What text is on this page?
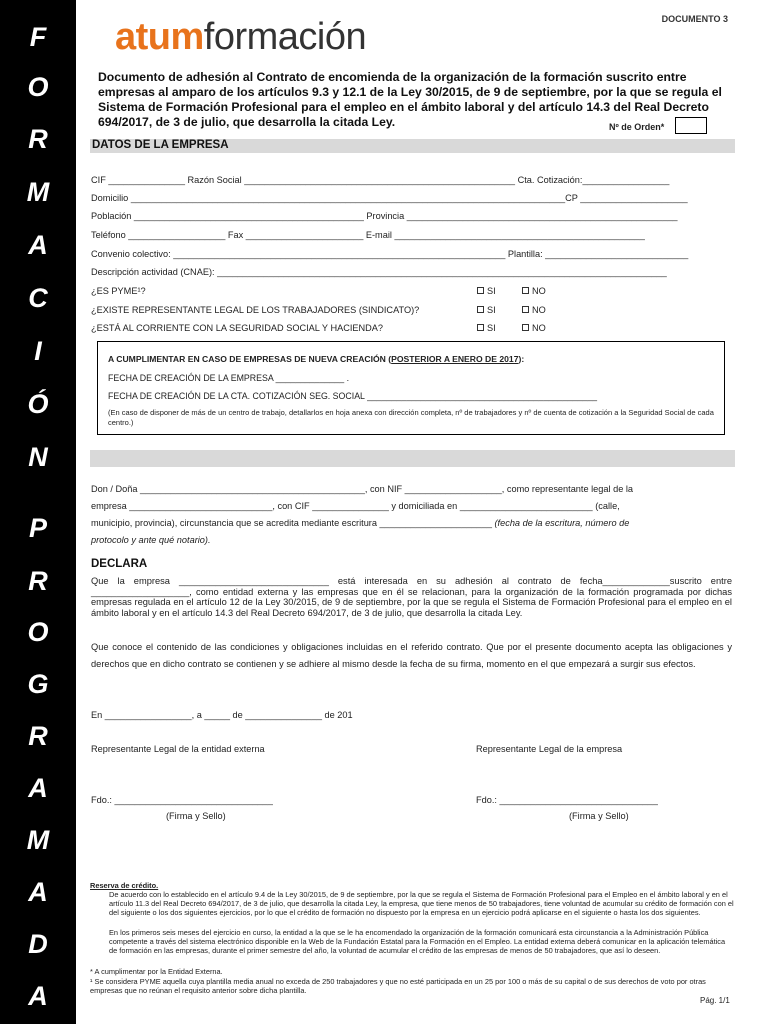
F
O
R
M
A
C
I
Ó
N
P
R
O
G
R
A
M
A
D
A
DOCUMENTO 3
atumformación
Documento de adhesión al Contrato de encomienda de la organización de la formación suscrito entre empresas al amparo de los artículos 9.3 y 12.1 de la Ley 30/2015, de 9 de septiembre, por la que se regula el Sistema de Formación Profesional para el empleo en el ámbito laboral y del artículo 14.3 del Real Decreto 694/2017, de 3 de julio, que desarrolla la citada Ley.	Nº de Orden*
DATOS DE LA EMPRESA
CIF _______________ Razón Social _____________________________________________________ Cta. Cotización:_________________
Domicilio _____________________________________________________________________________________CP _____________________
Población _____________________________________________ Provincia _____________________________________________________
Teléfono ___________________ Fax _______________________ E-mail _________________________________________________
Convenio colectivo: _________________________________________________________________ Plantilla: ____________________________
Descripción actividad (CNAE): ________________________________________________________________________________________
¿ES PYME¹?	SI	NO
¿EXISTE REPRESENTANTE LEGAL DE LOS TRABAJADORES (SINDICATO)?	SI	NO
¿ESTÁ AL CORRIENTE CON LA SEGURIDAD SOCIAL Y HACIENDA?	SI	NO
A CUMPLIMENTAR EN CASO DE EMPRESAS DE NUEVA CREACIÓN (POSTERIOR A ENERO DE 2017):
FECHA DE CREACIÓN DE LA EMPRESA ______________ .
FECHA DE CREACIÓN DE LA CTA. COTIZACIÓN SEG. SOCIAL _______________________________________________
(En caso de disponer de más de un centro de trabajo, detallarlos en hoja anexa con dirección completa, nº de trabajadores y nº de cuenta de cotización a la Seguridad Social de cada centro.)
Don / Doña ____________________________________________, con NIF ___________________, como representante legal de la
empresa ____________________________, con CIF _______________ y domiciliada en __________________________ (calle,
municipio, provincia), circunstancia que se acredita mediante escritura ______________________ (fecha de la escritura, número de
protocolo y ante qué notario).
DECLARA
Que la empresa _____________________________ está interesada en su adhesión al contrato de fecha_____________suscrito entre ___________________, como entidad externa y las empresas que en él se relacionan, para la organización de la formación programada por dichas empresas regulada en el artículo 12 de la Ley 30/2015, de 9 de septiembre, por la que se regula el Sistema de Formación Profesional para el empleo en el ámbito laboral y en el artículo 14.3 del Real Decreto 694/2017, de 3 de julio, que desarrolla la citada Ley.
Que conoce el contenido de las condiciones y obligaciones incluidas en el referido contrato. Que por el presente documento acepta las obligaciones y derechos que en dicho contrato se contienen y se adhiere al mismo desde la fecha de su firma, momento en el que empezará a surgir sus efectos.
En _________________, a _____ de _______________ de 201
Representante Legal de la entidad externa	Representante Legal de la empresa
Fdo.: _______________________________	Fdo.: _______________________________
(Firma y Sello)	(Firma y Sello)
Reserva de crédito.
De acuerdo con lo establecido en el artículo 9.4 de la Ley 30/2015, de 9 de septiembre, por la que se regula el Sistema de Formación Profesional para el Empleo en el ámbito laboral y en el artículo 11.3 del Real Decreto 694/2017, de 3 de julio, que desarrolla la citada Ley, la empresa, que tiene menos de 50 trabajadores, tiene voluntad de acumular su crédito de formación con el del siguiente o los dos siguientes ejercicios, por lo que el crédito de formación no dispuesto por la empresa en un ejercicio podrá aplicarse en el siguiente o hasta los dos siguientes.
En los primeros seis meses del ejercicio en curso, la entidad a la que se le ha encomendado la organización de la formación comunicará esta circunstancia a la Administración Pública competente a través del sistema electrónico disponible en la Web de la Fundación Estatal para la Formación en el Empleo. La entidad externa deberá comunicar en la aplicación telemática de formación en las empresas, durante el primer semestre del año, la voluntad de acumular el crédito de las empresas de menos de 50 trabajadores, que así lo deseen.
* A cumplimentar por la Entidad Externa.
¹ Se considera PYME aquella cuya plantilla media anual no exceda de 250 trabajadores y que no esté participada en un 25 por 100 o más de su capital o de sus derechos de voto por otras empresas que no reúnan el requisito anterior sobre dicha plantilla.
Pág. 1/1
